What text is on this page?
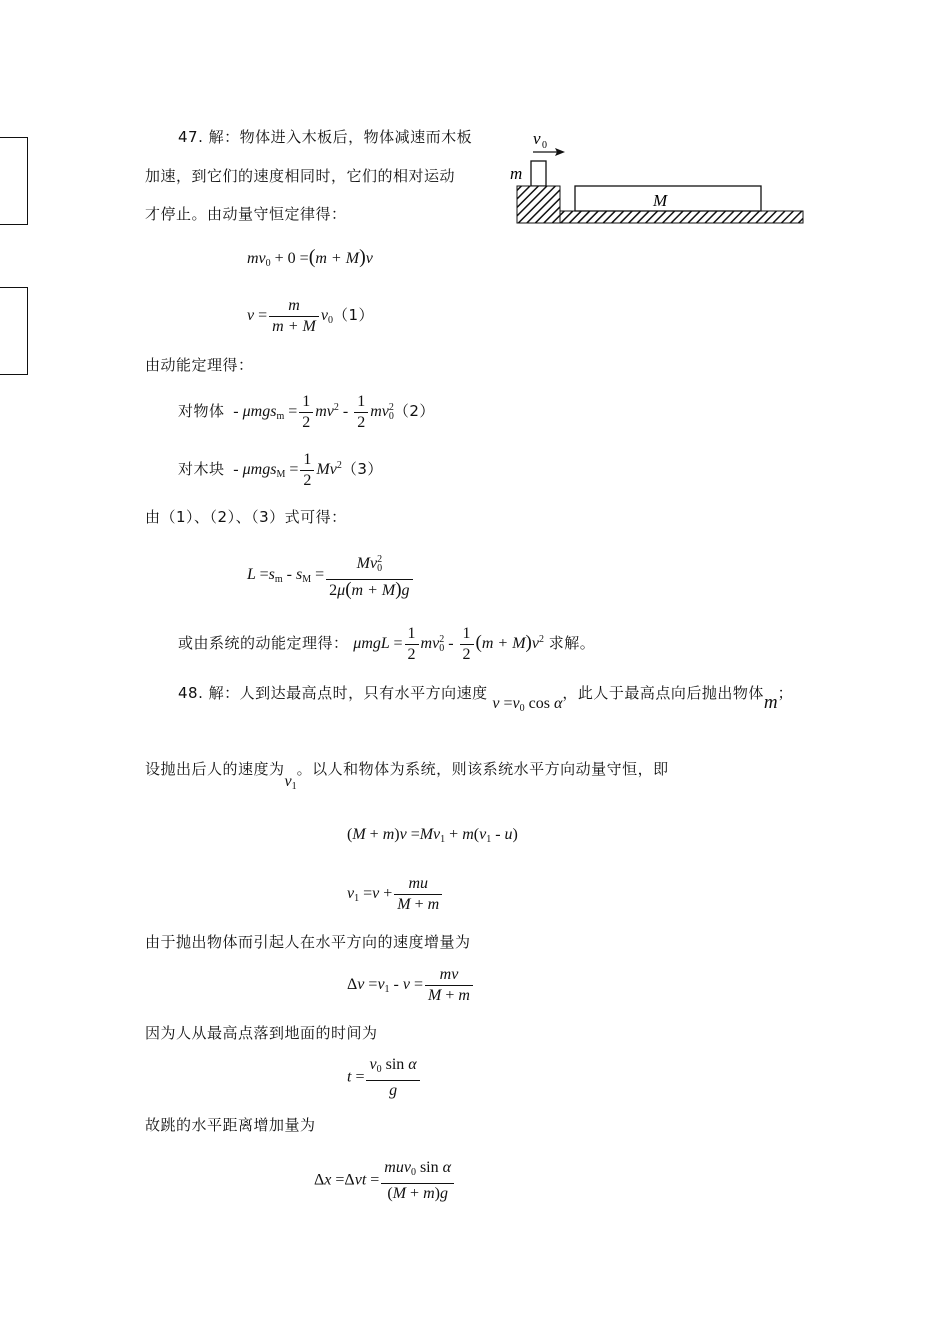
47. 解：物体进入木板后，物体减速而木板
加速，到它们的速度相同时，它们的相对运动
才停止。由动量守恒定律得：
v 0
m
M
$mv_0 + 0 =(m + M)v$
$v = \frac{m}{m + M} v_0(1)$
由动能定理得：
对物体  - $\mu mgs_m = \frac{1}{2} mv^2 - \frac{1}{2} mv^2_0(2)$
对木块  - $\mu mgs_M = \frac{1}{2} Mv^2(3)$
由（1）、（2）、（3）式可得：
$L =s_m - s_M = \frac{Mv^2_0}{2\mu(m + M)g}$
或由系统的动能定理得： $\mu mgL = \frac{1}{2} mv^2_0 - \frac{1}{2} (m + M)v^2$ 求解。
48. 解：人到达最高点时，只有水平方向速度 $v =v_0$ cos α，此人于最高点向后抛出物体m；
设抛出后人的速度为$v_1$。以人和物体为系统，则该系统水平方向动量守恒，即
$(M + m)v =Mv_1 + m(v_1 - u)$
$v_1 =v + \frac{mu}{M + m}$
由于抛出物体而引起人在水平方向的速度增量为
$\Delta v =v_1 - v = \frac{mv}{M + m}$
因为人从最高点落到地面的时间为
$t = \frac{v_0 \sin \alpha}{g}$
故跳的水平距离增加量为
$\Delta x =\Delta vt = \frac{muv_0 \sin \alpha}{(M + m)g}$
